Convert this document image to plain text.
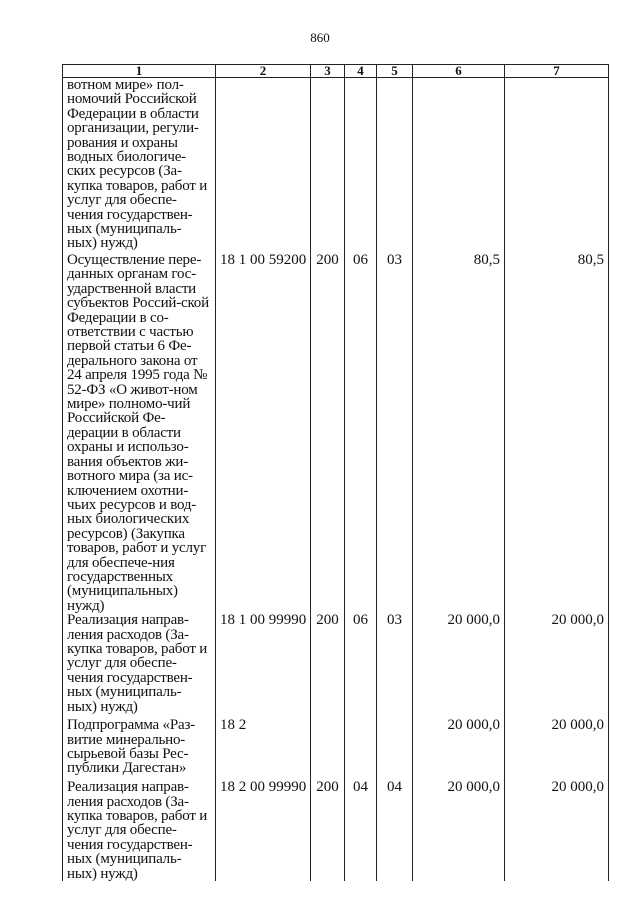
860
1	2	3	4	5	6	7
вотном мире» пол-номочий Российской Федерации в области организации, регули-рования и охраны водных биологиче-ских ресурсов (За-купка товаров, работ и услуг для обеспе-чения государствен-ных (муниципаль-ных) нужд)						
Осуществление пере-данных органам гос-ударственной власти субъектов Россий-ской Федерации в со-ответствии с частью первой статьи 6 Фе-дерального закона от 24 апреля 1995 года № 52-ФЗ «О живот-ном мире» полномо-чий Российской Фе-дерации в области охраны и использо-вания объектов жи-вотного мира (за ис-ключением охотни-чьих ресурсов и вод-ных биологических ресурсов) (Закупка товаров, работ и услуг для обеспече-ния государственных (муниципальных) нужд)	18 1 00 59200	200	06	03	80,5	80,5
Реализация направ-ления расходов (За-купка товаров, работ и услуг для обеспе-чения государствен-ных (муниципаль-ных) нужд)	18 1 00 99990	200	06	03	20 000,0	20 000,0
Подпрограмма «Раз-витие минерально-сырьевой базы Рес-публики Дагестан»	18 2				20 000,0	20 000,0
Реализация направ-ления расходов (За-купка товаров, работ и услуг для обеспе-чения государствен-ных (муниципаль-ных) нужд)	18 2 00 99990	200	04	04	20 000,0	20 000,0
